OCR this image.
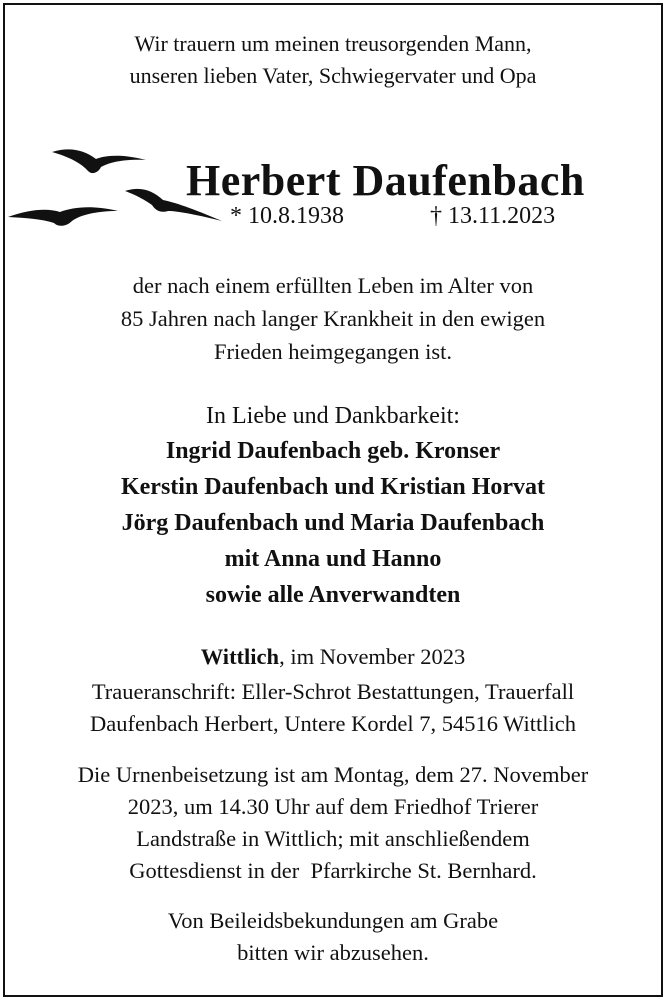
Wir trauern um meinen treusorgenden Mann,
unseren lieben Vater, Schwiegervater und Opa
Herbert Daufenbach
* 10.8.1938	† 13.11.2023
der nach einem erfüllten Leben im Alter von
85 Jahren nach langer Krankheit in den ewigen
Frieden heimgegangen ist.
In Liebe und Dankbarkeit:
Ingrid Daufenbach geb. Kronser
Kerstin Daufenbach und Kristian Horvat
Jörg Daufenbach und Maria Daufenbach
mit Anna und Hanno
sowie alle Anverwandten
Wittlich, im November 2023
Traueranschrift: Eller-Schrot Bestattungen, Trauerfall
Daufenbach Herbert, Untere Kordel 7, 54516 Wittlich
Die Urnenbeisetzung ist am Montag, dem 27. November
2023, um 14.30 Uhr auf dem Friedhof Trierer
Landstraße in Wittlich; mit anschließendem
Gottesdienst in der  Pfarrkirche St. Bernhard.
Von Beileidsbekundungen am Grabe
bitten wir abzusehen.
